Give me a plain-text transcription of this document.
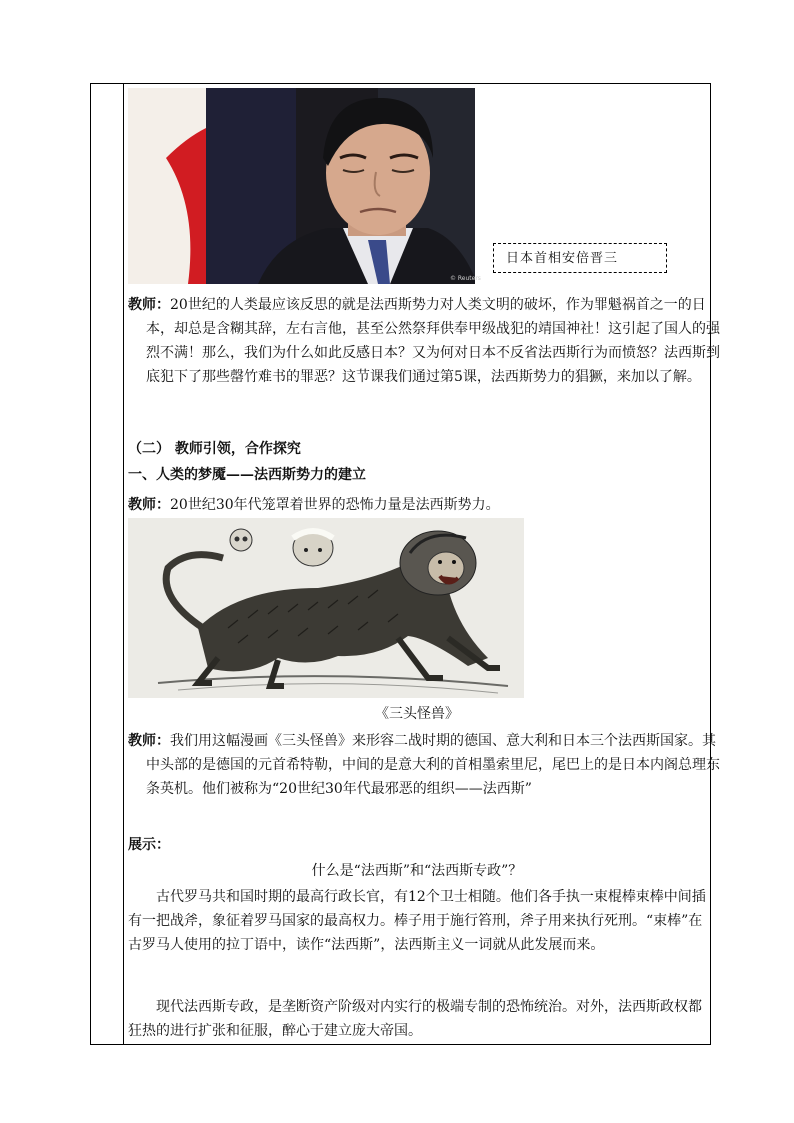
© Reuters
日本首相安倍晋三
教师：20世纪的人类最应该反思的就是法西斯势力对人类文明的破坏，作为罪魁祸首之一的日本，却总是含糊其辞，左右言他，甚至公然祭拜供奉甲级战犯的靖国神社！这引起了国人的强烈不满！那么，我们为什么如此反感日本？又为何对日本不反省法西斯行为而愤怒？法西斯到底犯下了那些罄竹难书的罪恶？这节课我们通过第5课，法西斯势力的猖獗，来加以了解。
（二） 教师引领，合作探究
一、人类的梦魇——法西斯势力的建立
教师：20世纪30年代笼罩着世界的恐怖力量是法西斯势力。
《三头怪兽》
教师：我们用这幅漫画《三头怪兽》来形容二战时期的德国、意大利和日本三个法西斯国家。其中头部的是德国的元首希特勒，中间的是意大利的首相墨索里尼，尾巴上的是日本内阁总理东条英机。他们被称为“20世纪30年代最邪恶的组织——法西斯”
展示：
什么是“法西斯”和“法西斯专政”？
古代罗马共和国时期的最高行政长官，有12个卫士相随。他们各手执一束棍棒束棒中间插有一把战斧，象征着罗马国家的最高权力。棒子用于施行笞刑，斧子用来执行死刑。“束棒”在古罗马人使用的拉丁语中，读作“法西斯”，法西斯主义一词就从此发展而来。
现代法西斯专政，是垄断资产阶级对内实行的极端专制的恐怖统治。对外，法西斯政权都狂热的进行扩张和征服，醉心于建立庞大帝国。
